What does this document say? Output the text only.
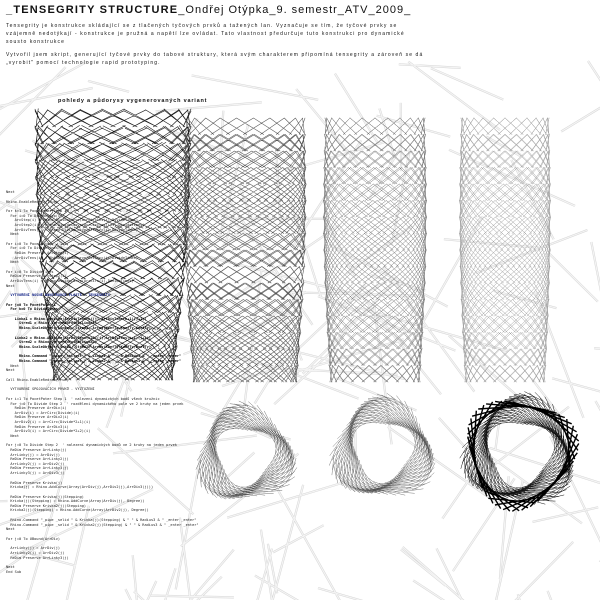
_TENSEGRITY STRUCTURE_Ondřej Otýpka_9. semestr_ATV_2009_

Tensegrity je konstrukce skládající se z tlačených tyčových prvků a tažených lan. Vyznačuje se tím, že tyčové prvky se vzájemně nedotýkají - konstrukce je pružná a napětí lze ovládat. Tato vlastnost předurčuje tuto konstrukci pro dynamické sousto konstrukce

Vytvořil jsem skript, generující tyčové prvky do tabové struktury, která svým charakterem připomíná tensegrity a zároveň se dá „vyrobit" pomocí technologie rapid prototyping.

pohledy a půdorysy vygenerovaných variant
Next
Rhino.EnableRedraw(True)
For k=1 To PocetPater Step 1
For i=0 To DivideStep(i)
ArcStep(i) = Rhino.DivideCurve(ArrCircles(i),DivideTimes)
ArcStep2(i) = Rhino.DivideCurve(ArrCircles(i+1),DivideTimes)
ArrDivTens(i) = Rhino.DivideCurve(ArrCirc(i),DivideTimes)
Next
For i=0 To PocetPater
For i=0 To DivideTimes-1
ReDim Preserve ArcStep(i)
ArrDivTens(i) = Rhino.DivideCurve(ArrCirc(i),DivideTimes)
Next
For i=0 To DivideTimes
ReDim Preserve ArcStep2(i)
ArrDivTens(i) = Rhino.DivideCurve(ArrCirc(i),DivideTimes)
Next
VYTVOŘENÍ NOSNÉ KONSTRUKCE PLÁŠTĚ - TENSEGRITY
For j=0 To PocetPater-1
For k=0 To DivideTimes
Linka1 = Rhino.AddLine(ArrDivTens(k)(j),ArrDivTens(k+1)(j+1))
Stred1 = Rhino.CurveMidPoint(Linka1)
Rhino.ScaleObject Linka1, Stred1, Array(KoefTy,KoefTy,KoefTy)
Linka2 = Rhino.AddLine(ArrDivTens(k+2)(j),ArrDivTens(k+1)(j+1))
Stred2 = Rhino.CurveMidPoint(Linka2)
Rhino.ScaleObject Linka2, Stred2, Array(KoefTy,KoefTy,KoefTy)
Rhino.Command "_pipe _sellast " & Linka1 & " " & Radius1 & " _enter _enter"
Rhino.Command "_pipe _sellast " & Linka2 & " " & Radius1 & " _enter _enter"
Next
Next
Call Rhino.EnableRedraw(True)
VYTVOŘENÍ SPOJOVACÍCH PRVKŮ - VÝZTUŽENÍ
For i=1 To PocetPater Step 1  ' nalezení dynamických bodů všech kružnic
For j=0 To Divide Step 2  ' rozdělení dynamického pole ve 2 kruhy na jeden prvek
ReDim Preserve ArrDiv(i)
ArrDiv(i) = ArrCirc(Divide)(i)
ReDim Preserve ArrDiv2(i)
ArrDiv2(i) = ArrCirc(Divide*2+1)(i)
ReDim Preserve ArrDiv3(i)
ArrDiv3(i) = ArrCirc(Divide*2+2)(i)
Next
For j=0 To Divide Step 2  ' nalezení dynamických bodů ve 2 kruhy na jeden prvek
ReDim Preserve ArrLinky(j)
ArrLinky(j) = ArrDiv(j)
ReDim Preserve ArrLinky2(j)
ArrLinky2(j) = ArrDiv2(j)
ReDim Preserve ArrLinky3(j)
ArrLinky3(j) = ArrDiv3(j)
ReDim Preserve Krivka(j)
Krivka(j) = Rhino.AddCurve(Array(ArrDiv(j),ArrDiv2(j),ArrDiv3(j)))
ReDim Preserve Krivka(j)(Stepping)
Krivka(j)(Stepping) = Rhino.AddCurve(Array(ArrDiv(j), Degree))
ReDim Preserve Krivka2(j)(Stepping)
Krivka2(j)(Stepping) = Rhino.AddCurve(Array(ArrDiv2(j), Degree))
Rhino.Command "_pipe _selid " & Krivka(j)(Stepping) & " " & Radius3 & " _enter _enter"
Rhino.Command "_pipe _selid " & Krivka2(j)(Stepping) & " " & Radius3 & " _enter _enter"
Next
For j=0 To UBound(ArrDiv)
ArrLinky(j) = ArrDiv(j)
ArrLinky2(j) = ArrDiv2(j)
ReDim Preserve ArrLinky3(j)
Next
End Sub
